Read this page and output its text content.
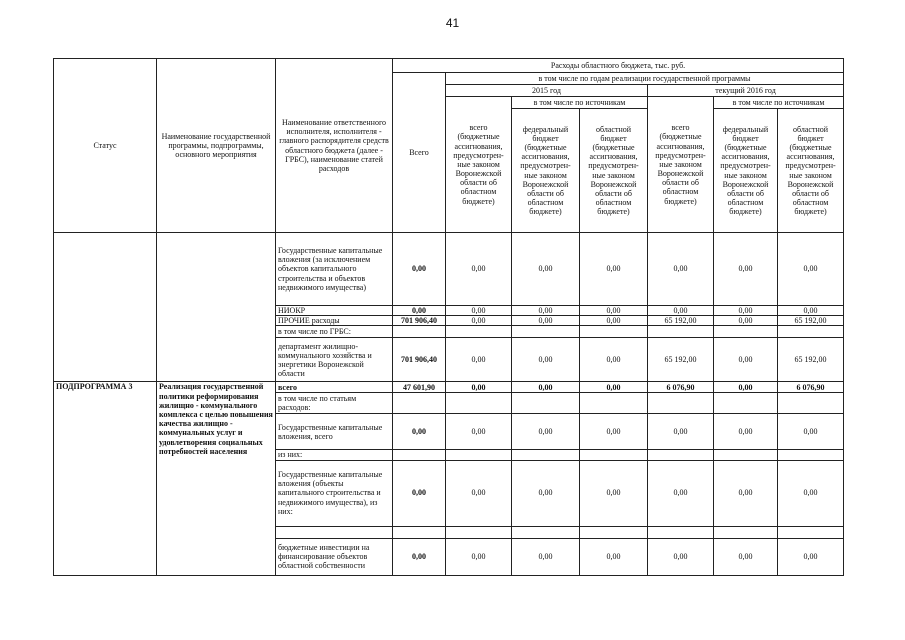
41
Статус	Наименование государственной программы, подпрограммы, основного мероприятия	Наименование ответственного исполнителя, исполнителя - главного распорядителя средств областного бюджета (далее - ГРБС), наименование статей расходов	Расходы областного бюджета, тыс. руб.						
			Всего	в том числе по годам реализации государственной программы					
				2015 год			текущий 2016 год		
				всего (бюджетные ассигнования, предусмотрен-ные законом Воронежской области об областном бюджете)	в том числе по источникам		всего (бюджетные ассигнования, предусмотрен-ные законом Воронежской области об областном бюджете)	в том числе по источникам	
					федеральный бюджет (бюджетные ассигнования, предусмотрен-ные законом Воронежской области об областном бюджете)	областной бюджет (бюджетные ассигнования, предусмотрен-ные законом Воронежской области об областном бюджете)		федеральный бюджет (бюджетные ассигнования, предусмотрен-ные законом Воронежской области об областном бюджете)	областной бюджет (бюджетные ассигнования, предусмотрен-ные законом Воронежской области об областном бюджете)
		Государственные капитальные вложения (за исключением объектов капитального строительства и объектов недвижимого имущества)	0,00	0,00	0,00	0,00	0,00	0,00	0,00
		НИОКР	0,00	0,00	0,00	0,00	0,00	0,00	0,00
		ПРОЧИЕ расходы	701 906,40	0,00	0,00	0,00	65 192,00	0,00	65 192,00
		в том числе по ГРБС:							
		департамент жилищно-коммунального хозяйства и энергетики Воронежской области	701 906,40	0,00	0,00	0,00	65 192,00	0,00	65 192,00
ПОДПРОГРАММА 3	Реализация государственной политики реформирования жилищно - коммунального комплекса с целью повышения качества жилищно - коммунальных услуг и удовлетворения социальных потребностей населения	всего	47 601,90	0,00	0,00	0,00	6 076,90	0,00	6 076,90
		в том числе по статьям расходов:							
		Государственные капитальные вложения, всего	0,00	0,00	0,00	0,00	0,00	0,00	0,00
		из них:							
		Государственные капитальные вложения (объекты капитального строительства и недвижимого имущества), из них:	0,00	0,00	0,00	0,00	0,00	0,00	0,00

		бюджетные инвестиции на финансирование объектов областной собственности	0,00	0,00	0,00	0,00	0,00	0,00	0,00
